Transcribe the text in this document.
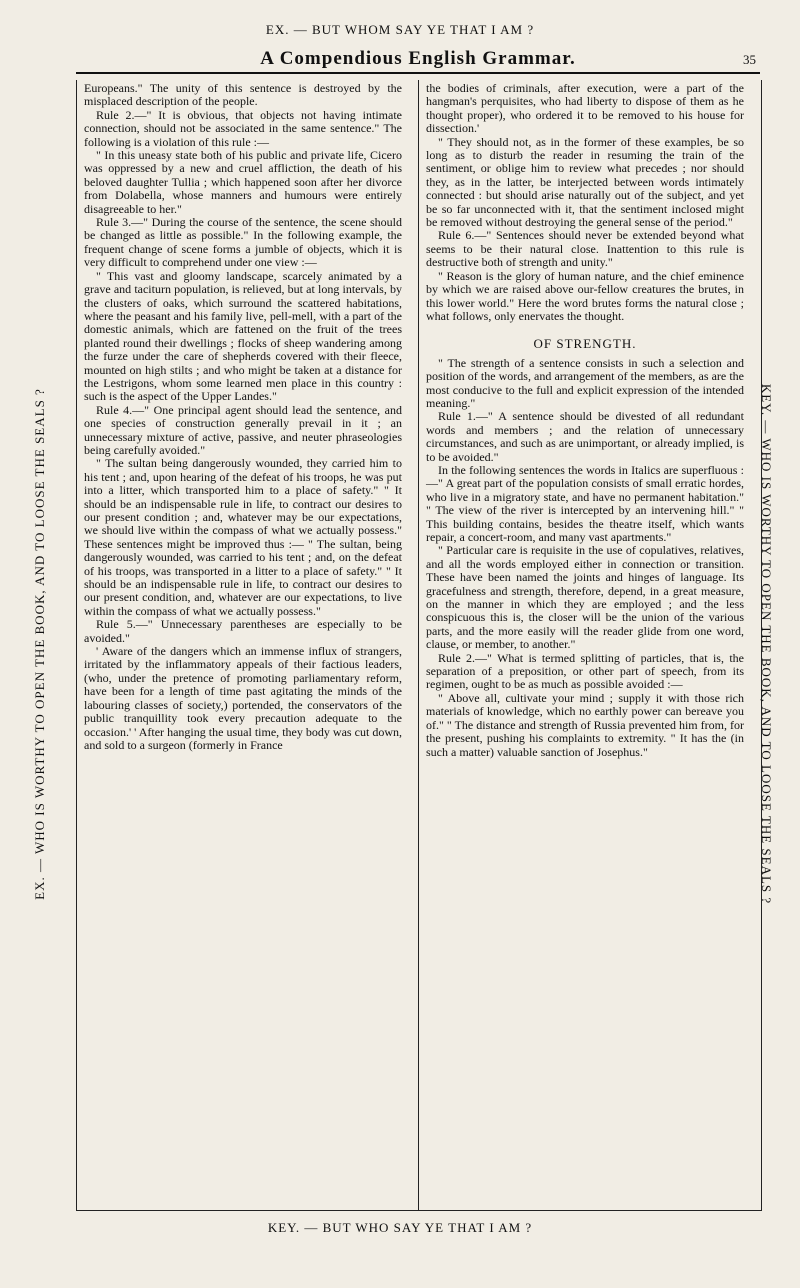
EX. — BUT WHOM SAY YE THAT I AM ?
A Compendious English Grammar.	35
EX. — WHO IS WORTHY TO OPEN THE BOOK, AND TO LOOSE THE SEALS ?	KEY. — WHO IS WORTHY TO OPEN THE BOOK, AND TO LOOSE THE SEALS ?

Europeans." The unity of this sentence is destroyed by the misplaced description of the people.

Rule 2.—" It is obvious, that objects not having intimate connection, should not be associated in the same sentence." The following is a violation of this rule :—

" In this uneasy state both of his public and private life, Cicero was oppressed by a new and cruel affliction, the death of his beloved daughter Tullia ; which happened soon after her divorce from Dolabella, whose manners and humours were entirely disagreeable to her."

Rule 3.—" During the course of the sentence, the scene should be changed as little as possible." In the following example, the frequent change of scene forms a jumble of objects, which it is very difficult to comprehend under one view :—

" This vast and gloomy landscape, scarcely animated by a grave and taciturn population, is relieved, but at long intervals, by the clusters of oaks, which surround the scattered habitations, where the peasant and his family live, pell-mell, with a part of the domestic animals, which are fattened on the fruit of the trees planted round their dwellings ; flocks of sheep wandering among the furze under the care of shepherds covered with their fleece, mounted on high stilts ; and who might be taken at a distance for the Lestrigons, whom some learned men place in this country : such is the aspect of the Upper Landes."

Rule 4.—" One principal agent should lead the sentence, and one species of construction generally prevail in it ; an unnecessary mixture of active, passive, and neuter phraseologies being carefully avoided."

" The sultan being dangerously wounded, they carried him to his tent ; and, upon hearing of the defeat of his troops, he was put into a litter, which transported him to a place of safety." " It should be an indispensable rule in life, to contract our desires to our present condition ; and, whatever may be our expectations, we should live within the compass of what we actually possess." These sentences might be improved thus :— " The sultan, being dangerously wounded, was carried to his tent ; and, on the defeat of his troops, was transported in a litter to a place of safety." " It should be an indispensable rule in life, to contract our desires to our present condition, and, whatever are our expectations, to live within the compass of what we actually possess."

Rule 5.—" Unnecessary parentheses are especially to be avoided."

' Aware of the dangers which an immense influx of strangers, irritated by the inflammatory appeals of their factious leaders, (who, under the pretence of promoting parliamentary reform, have been for a length of time past agitating the minds of the labouring classes of society,) portended, the conservators of the public tranquillity took every precaution adequate to the occasion.' ' After hanging the usual time, they body was cut down, and sold to a surgeon (formerly in France

the bodies of criminals, after execution, were a part of the hangman's perquisites, who had liberty to dispose of them as he thought proper), who ordered it to be removed to his house for dissection.'

" They should not, as in the former of these examples, be so long as to disturb the reader in resuming the train of the sentiment, or oblige him to review what precedes ; nor should they, as in the latter, be interjected between words intimately connected : but should arise naturally out of the subject, and yet be so far unconnected with it, that the sentiment inclosed might be removed without destroying the general sense of the period."

Rule 6.—" Sentences should never be extended beyond what seems to be their natural close. Inattention to this rule is destructive both of strength and unity."

" Reason is the glory of human nature, and the chief eminence by which we are raised above our-fellow creatures the brutes, in this lower world." Here the word brutes forms the natural close ; what follows, only enervates the thought.

OF STRENGTH.

" The strength of a sentence consists in such a selection and position of the words, and arrangement of the members, as are the most conducive to the full and explicit expression of the intended meaning."

Rule 1.—" A sentence should be divested of all redundant words and members ; and the relation of unnecessary circumstances, and such as are unimportant, or already implied, is to be avoided."

In the following sentences the words in Italics are superfluous :—" A great part of the population consists of small erratic hordes, who live in a migratory state, and have no permanent habitation." " The view of the river is intercepted by an intervening hill." " This building contains, besides the theatre itself, which wants repair, a concert-room, and many vast apartments."

" Particular care is requisite in the use of copulatives, relatives, and all the words employed either in connection or transition. These have been named the joints and hinges of language. Its gracefulness and strength, therefore, depend, in a great measure, on the manner in which they are employed ; and the less conspicuous this is, the closer will be the union of the various parts, and the more easily will the reader glide from one word, clause, or member, to another."

Rule 2.—" What is termed splitting of particles, that is, the separation of a preposition, or other part of speech, from its regimen, ought to be as much as possible avoided :—

" Above all, cultivate your mind ; supply it with those rich materials of knowledge, which no earthly power can bereave you of." " The distance and strength of Russia prevented him from, for the present, pushing his complaints to extremity. " It has the (in such a matter) valuable sanction of Josephus."

KEY. — BUT WHO SAY YE THAT I AM ?
